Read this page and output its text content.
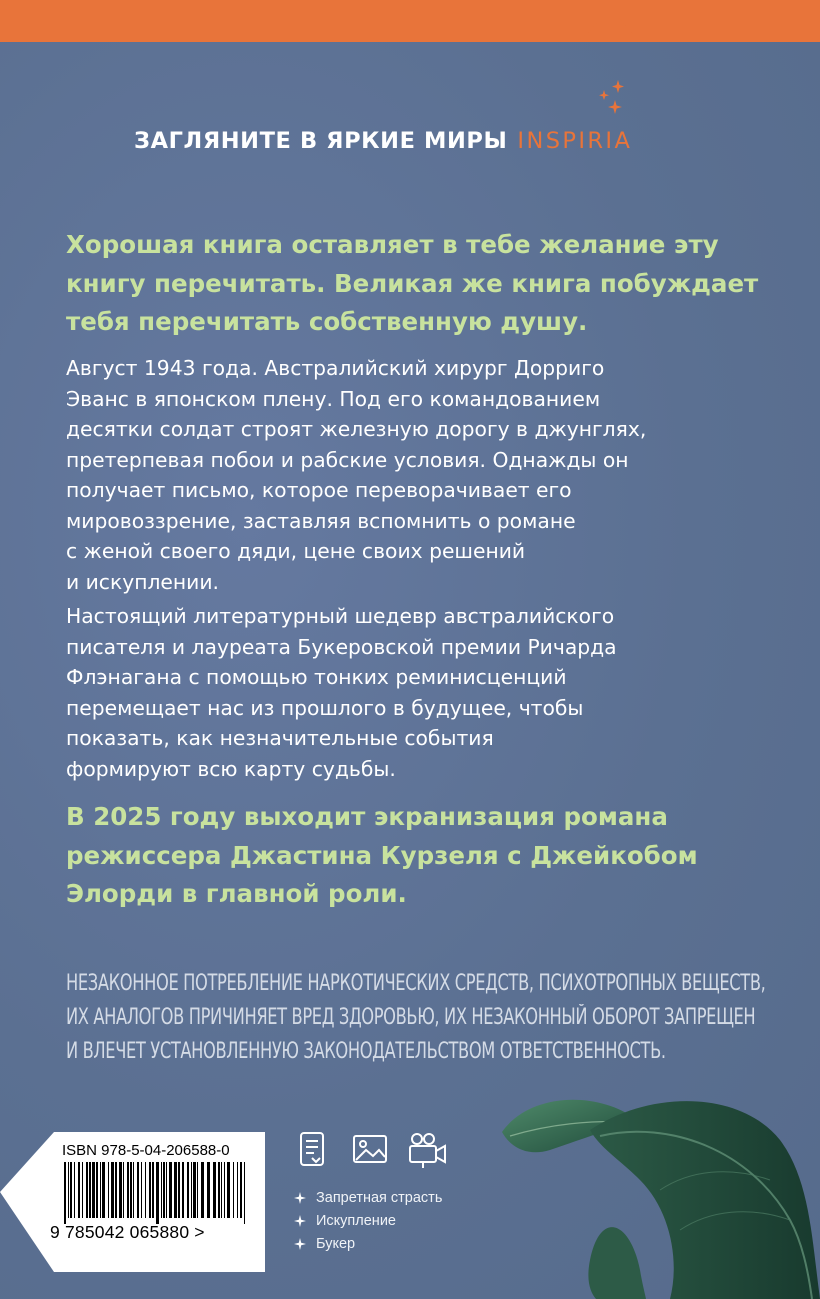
ЗАГЛЯНИТЕ В ЯРКИЕ МИРЫ INSPIRIA
Хорошая книга оставляет в тебе желание эту
книгу перечитать. Великая же книга побуждает
тебя перечитать собственную душу.
Август 1943 года. Австралийский хирург Дорриго
Эванс в японском плену. Под его командованием
десятки солдат строят железную дорогу в джунглях,
претерпевая побои и рабские условия. Однажды он
получает письмо, которое переворачивает его
мировоззрение, заставляя вспомнить о романе
с женой своего дяди, цене своих решений
и искуплении.
Настоящий литературный шедевр австралийского
писателя и лауреата Букеровской премии Ричарда
Флэнагана с помощью тонких реминисценций
перемещает нас из прошлого в будущее, чтобы
показать, как незначительные события
формируют всю карту судьбы.
В 2025 году выходит экранизация романа
режиссера Джастина Курзеля с Джейкобом
Элорди в главной роли.
НЕЗАКОННОЕ ПОТРЕБЛЕНИЕ НАРКОТИЧЕСКИХ СРЕДСТВ, ПСИХОТРОПНЫХ ВЕЩЕСТВ,
ИХ АНАЛОГОВ ПРИЧИНЯЕТ ВРЕД ЗДОРОВЬЮ, ИХ НЕЗАКОННЫЙ ОБОРОТ ЗАПРЕЩЕН
И ВЛЕЧЕТ УСТАНОВЛЕННУЮ ЗАКОНОДАТЕЛЬСТВОМ ОТВЕТСТВЕННОСТЬ.
ISBN 978-5-04-206588-0
9 785042 065880 >
Запретная страсть
Искупление
Букер
